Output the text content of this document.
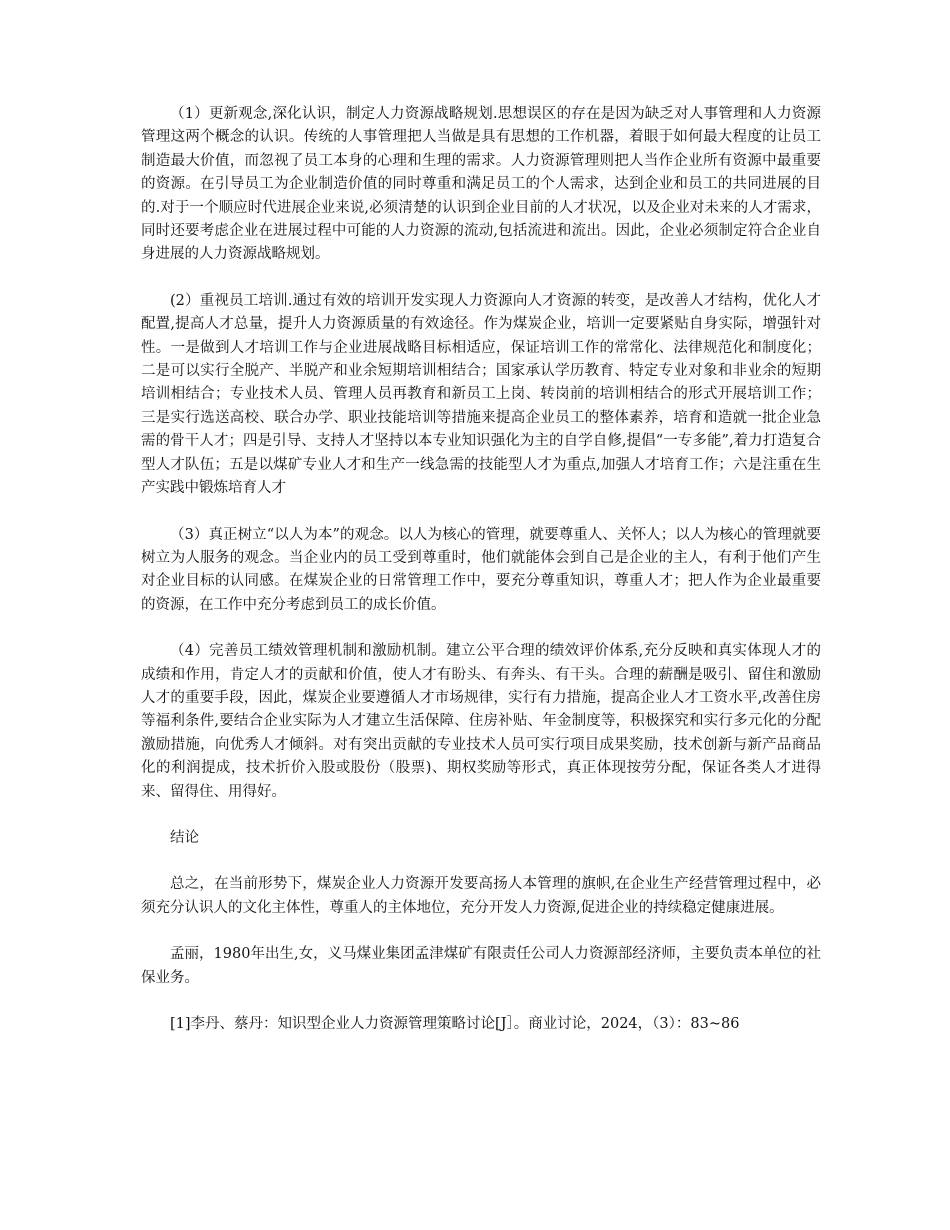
（1）更新观念,深化认识，制定人力资源战略规划.思想误区的存在是因为缺乏对人事管理和人力资源管理这两个概念的认识。传统的人事管理把人当做是具有思想的工作机器，着眼于如何最大程度的让员工制造最大价值，而忽视了员工本身的心理和生理的需求。人力资源管理则把人当作企业所有资源中最重要的资源。在引导员工为企业制造价值的同时尊重和满足员工的个人需求，达到企业和员工的共同进展的目的.对于一个顺应时代进展企业来说,必须清楚的认识到企业目前的人才状况，以及企业对未来的人才需求，同时还要考虑企业在进展过程中可能的人力资源的流动,包括流进和流出。因此，企业必须制定符合企业自身进展的人力资源战略规划。

(2）重视员工培训.通过有效的培训开发实现人力资源向人才资源的转变，是改善人才结构，优化人才配置,提高人才总量，提升人力资源质量的有效途径。作为煤炭企业，培训一定要紧贴自身实际，增强针对性。一是做到人才培训工作与企业进展战略目标相适应，保证培训工作的常常化、法律规范化和制度化；二是可以实行全脱产、半脱产和业余短期培训相结合；国家承认学历教育、特定专业对象和非业余的短期培训相结合；专业技术人员、管理人员再教育和新员工上岗、转岗前的培训相结合的形式开展培训工作；三是实行选送高校、联合办学、职业技能培训等措施来提高企业员工的整体素养，培育和造就一批企业急需的骨干人才；四是引导、支持人才坚持以本专业知识强化为主的自学自修,提倡“一专多能”,着力打造复合型人才队伍；五是以煤矿专业人才和生产一线急需的技能型人才为重点,加强人才培育工作；六是注重在生产实践中锻炼培育人才

（3）真正树立“以人为本”的观念。以人为核心的管理，就要尊重人、关怀人；以人为核心的管理就要树立为人服务的观念。当企业内的员工受到尊重时，他们就能体会到自己是企业的主人，有利于他们产生对企业目标的认同感。在煤炭企业的日常管理工作中，要充分尊重知识，尊重人才；把人作为企业最重要的资源，在工作中充分考虑到员工的成长价值。

（4）完善员工绩效管理机制和激励机制。建立公平合理的绩效评价体系,充分反映和真实体现人才的成绩和作用，肯定人才的贡献和价值，使人才有盼头、有奔头、有干头。合理的薪酬是吸引、留住和激励人才的重要手段，因此，煤炭企业要遵循人才市场规律，实行有力措施，提高企业人才工资水平,改善住房等福利条件,要结合企业实际为人才建立生活保障、住房补贴、年金制度等，积极探究和实行多元化的分配激励措施，向优秀人才倾斜。对有突出贡献的专业技术人员可实行项目成果奖励，技术创新与新产品商品化的利润提成，技术折价入股或股份（股票)、期权奖励等形式，真正体现按劳分配，保证各类人才进得来、留得住、用得好。

结论

总之，在当前形势下，煤炭企业人力资源开发要高扬人本管理的旗帜,在企业生产经营管理过程中，必须充分认识人的文化主体性，尊重人的主体地位，充分开发人力资源,促进企业的持续稳定健康进展。

孟丽，1980年出生,女，义马煤业集团孟津煤矿有限责任公司人力资源部经济师，主要负责本单位的社保业务。

[1]李丹、蔡丹：知识型企业人力资源管理策略讨论[J］。商业讨论，2024，（3）：83~86
